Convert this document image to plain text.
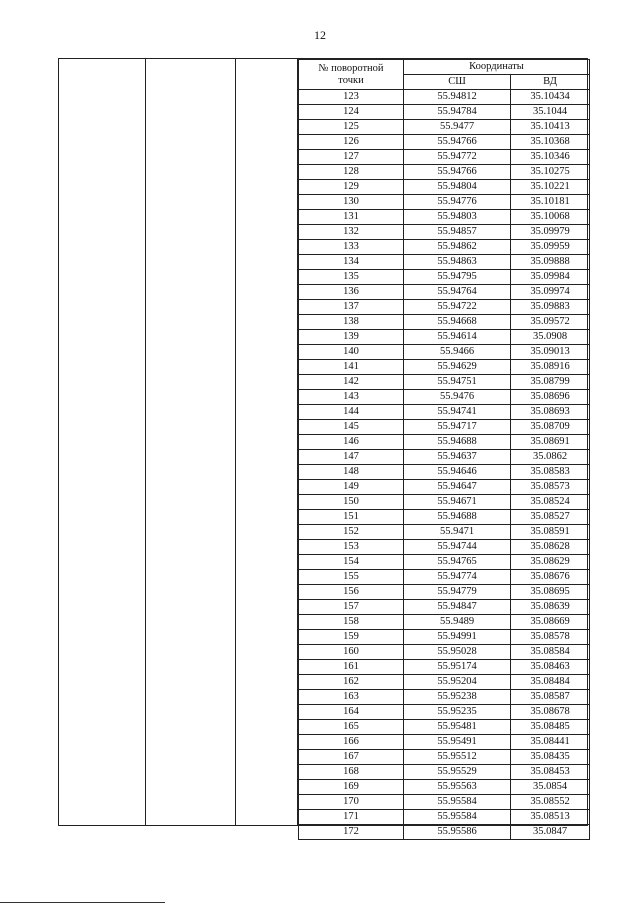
12
№ поворотной
точки	Координаты	
	СШ	ВД
123	55.94812	35.10434
124	55.94784	35.1044
125	55.9477	35.10413
126	55.94766	35.10368
127	55.94772	35.10346
128	55.94766	35.10275
129	55.94804	35.10221
130	55.94776	35.10181
131	55.94803	35.10068
132	55.94857	35.09979
133	55.94862	35.09959
134	55.94863	35.09888
135	55.94795	35.09984
136	55.94764	35.09974
137	55.94722	35.09883
138	55.94668	35.09572
139	55.94614	35.0908
140	55.9466	35.09013
141	55.94629	35.08916
142	55.94751	35.08799
143	55.9476	35.08696
144	55.94741	35.08693
145	55.94717	35.08709
146	55.94688	35.08691
147	55.94637	35.0862
148	55.94646	35.08583
149	55.94647	35.08573
150	55.94671	35.08524
151	55.94688	35.08527
152	55.9471	35.08591
153	55.94744	35.08628
154	55.94765	35.08629
155	55.94774	35.08676
156	55.94779	35.08695
157	55.94847	35.08639
158	55.9489	35.08669
159	55.94991	35.08578
160	55.95028	35.08584
161	55.95174	35.08463
162	55.95204	35.08484
163	55.95238	35.08587
164	55.95235	35.08678
165	55.95481	35.08485
166	55.95491	35.08441
167	55.95512	35.08435
168	55.95529	35.08453
169	55.95563	35.0854
170	55.95584	35.08552
171	55.95584	35.08513
172	55.95586	35.0847
